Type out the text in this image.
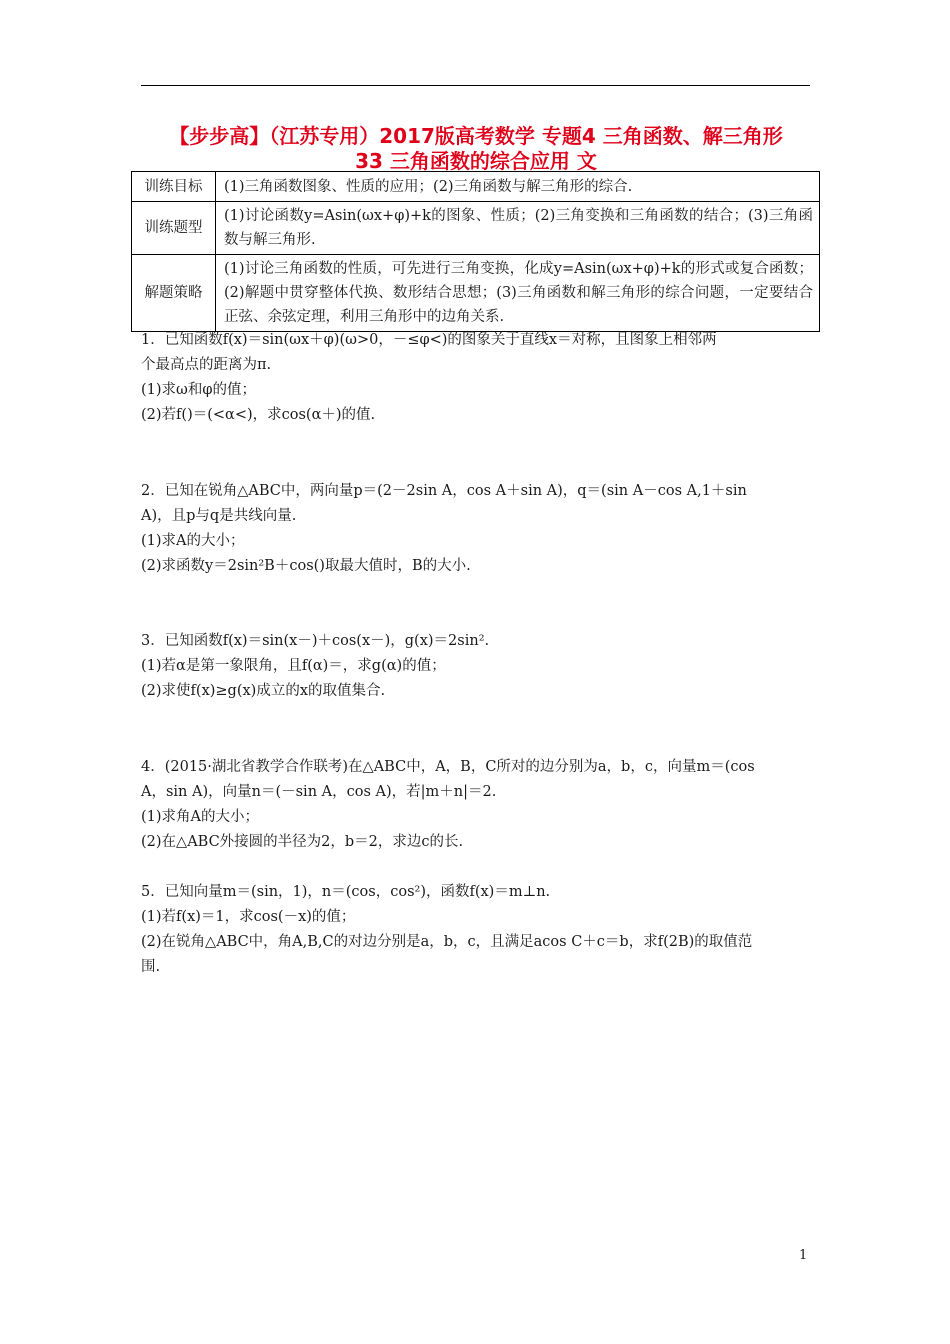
【步步高】（江苏专用）2017版高考数学 专题4 三角函数、解三角形
33 三角函数的综合应用 文
训练目标	(1)三角函数图象、性质的应用；(2)三角函数与解三角形的综合.
训练题型	(1)讨论函数y=Asin(ωx+φ)+k的图象、性质；(2)三角变换和三角函数的结合；(3)三角函数与解三角形.
解题策略	(1)讨论三角函数的性质，可先进行三角变换，化成y=Asin(ωx+φ)+k的形式或复合函数；(2)解题中贯穿整体代换、数形结合思想；(3)三角函数和解三角形的综合问题，一定要结合正弦、余弦定理，利用三角形中的边角关系.
1．已知函数f(x)＝sin(ωx＋φ)(ω>0，－≤φ<)的图象关于直线x＝对称，且图象上相邻两
个最高点的距离为π.
(1)求ω和φ的值；
(2)若f()＝(<α<)，求cos(α＋)的值.
2．已知在锐角△ABC中，两向量p＝(2－2sin A，cos A＋sin A)，q＝(sin A－cos A,1＋sin
A)，且p与q是共线向量.
(1)求A的大小；
(2)求函数y＝2sin²B＋cos()取最大值时，B的大小.
3．已知函数f(x)＝sin(x－)＋cos(x－)，g(x)＝2sin².
(1)若α是第一象限角，且f(α)＝，求g(α)的值；
(2)求使f(x)≥g(x)成立的x的取值集合.
4．(2015·湖北省教学合作联考)在△ABC中，A，B，C所对的边分别为a，b，c，向量m＝(cos
A，sin A)，向量n＝(－sin A，cos A)，若|m＋n|＝2.
(1)求角A的大小；
(2)在△ABC外接圆的半径为2，b＝2，求边c的长.
5．已知向量m＝(sin，1)，n＝(cos，cos²)，函数f(x)＝m⊥n.
(1)若f(x)＝1，求cos(－x)的值；
(2)在锐角△ABC中，角A,B,C的对边分别是a，b，c，且满足acos C＋c＝b，求f(2B)的取值范
围.
1
